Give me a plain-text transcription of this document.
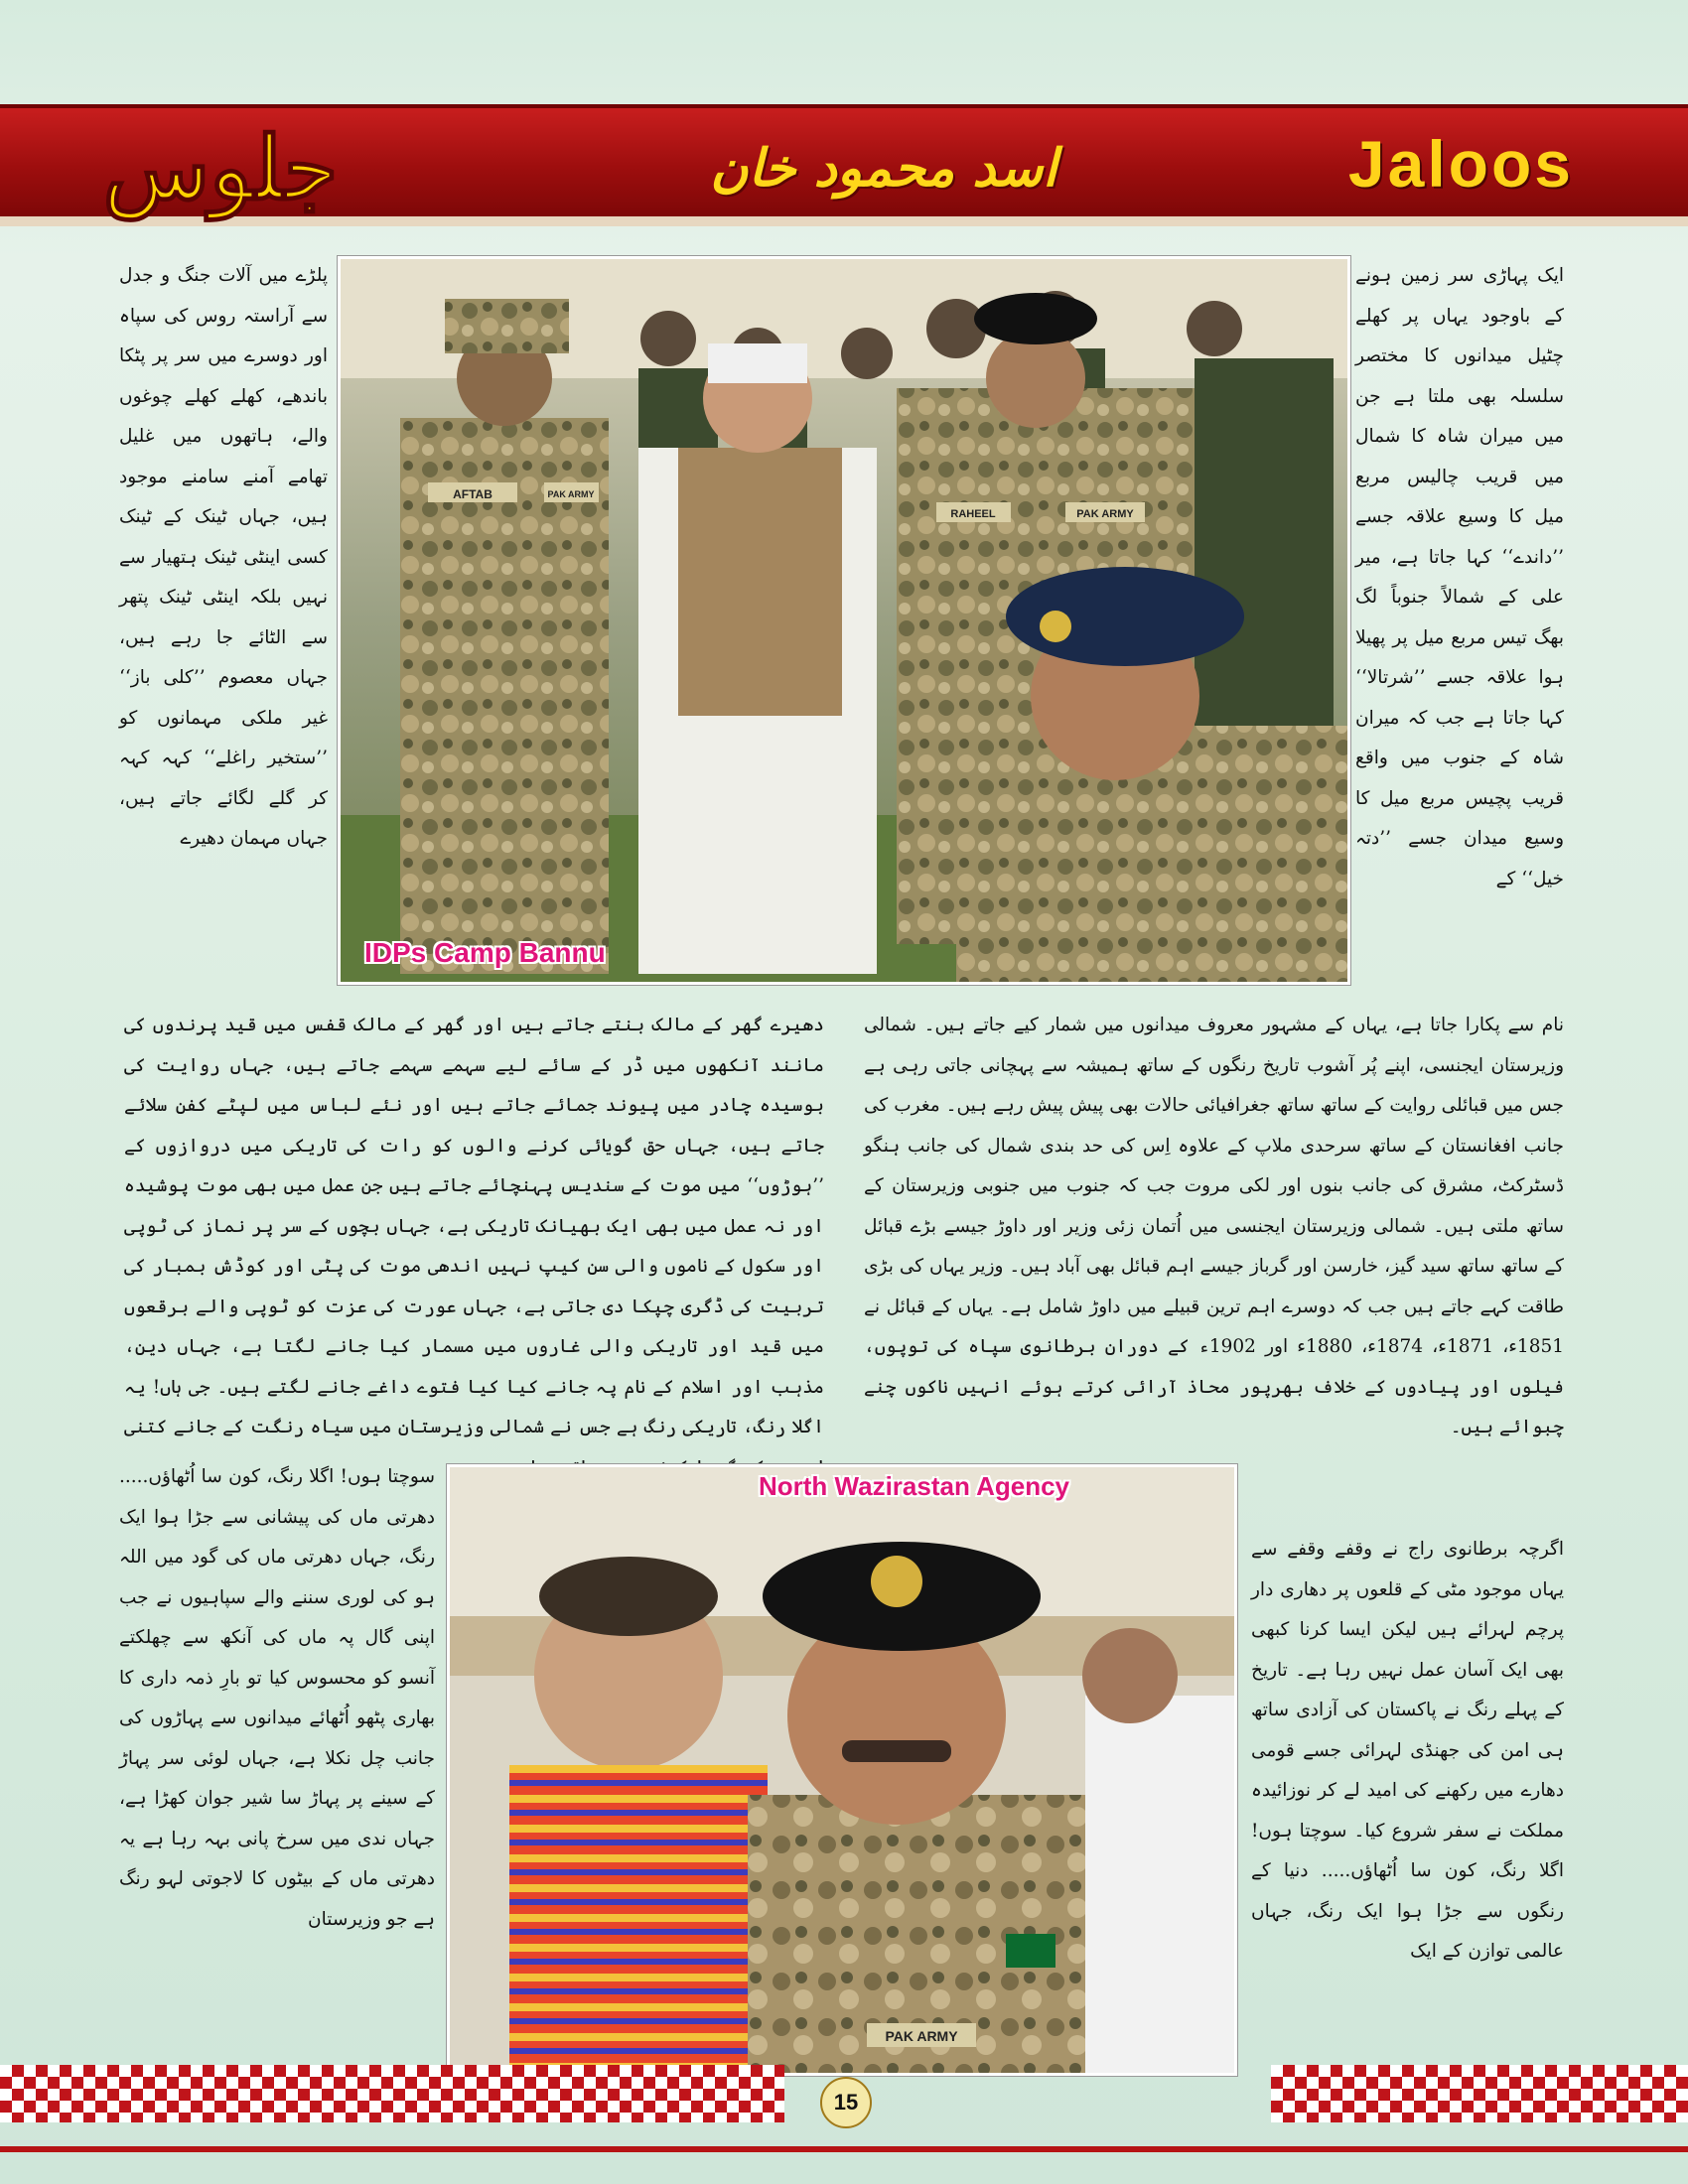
جلوس	اسد محمود خان	Jaloos

ایک پہاڑی سر زمین ہونے کے باوجود یہاں پر کھلے چٹیل میدانوں کا مختصر سلسلہ بھی ملتا ہے جن میں میران شاہ کا شمال میں قریب چالیس مربع میل کا وسیع علاقہ جسے ’’داندے‘‘ کہا جاتا ہے، میر علی کے شمالاً جنوباً لگ بھگ تیس مربع میل پر پھیلا ہوا علاقہ جسے ’’شرتالا‘‘ کہا جاتا ہے جب کہ میران شاہ کے جنوب میں واقع قریب پچیس مربع میل کا وسیع میدان جسے ’’دتہ خیل‘‘ کے

پلڑے میں آلات جنگ و جدل سے آراستہ روس کی سپاہ اور دوسرے میں سر پر پٹکا باندھے، کھلے کھلے چوغوں والے، ہاتھوں میں غلیل تھامے آمنے سامنے موجود ہیں، جہاں ٹینک کے ٹینک کسی اینٹی ٹینک ہتھیار سے نہیں بلکہ اینٹی ٹینک پتھر سے الٹائے جا رہے ہیں، جہاں معصوم ’’کلی باز‘‘ غیر ملکی مہمانوں کو ’’ستخیر راغلے‘‘ کہہ کہہ کر گلے لگائے جاتے ہیں، جہاں مہمان دھیرے

AFTAB	PAK ARMY
RAHEEL	PAK ARMY
IDPs Camp Bannu

نام سے پکارا جاتا ہے، یہاں کے مشہور معروف میدانوں میں شمار کیے جاتے ہیں۔ شمالی وزیرستان ایجنسی، اپنے پُر آشوب تاریخ رنگوں کے ساتھ ہمیشہ سے پہچانی جاتی رہی ہے جس میں قبائلی روایت کے ساتھ ساتھ جغرافیائی حالات بھی پیش پیش رہے ہیں۔ مغرب کی جانب افغانستان کے ساتھ سرحدی ملاپ کے علاوہ اِس کی حد بندی شمال کی جانب ہنگو ڈسٹرکٹ، مشرق کی جانب بنوں اور لکی مروت جب کہ جنوب میں جنوبی وزیرستان کے ساتھ ملتی ہیں۔ شمالی وزیرستان ایجنسی میں اُتمان زئی وزیر اور داوڑ جیسے بڑے قبائل کے ساتھ ساتھ سید گیز، خارسن اور گرباز جیسے اہم قبائل بھی آباد ہیں۔ وزیر یہاں کی بڑی طاقت کہے جاتے ہیں جب کہ دوسرے اہم ترین قبیلے میں داوڑ شامل ہے۔ یہاں کے قبائل نے 1851ء، 1871ء، 1874ء، 1880ء اور 1902ء کے دوران برطانوی سپاہ کی توپوں، فیلوں اور پیادوں کے خلاف بھرپور محاذ آرائی کرتے ہوئے انہیں ناکوں چنے چبوائے ہیں۔

دھیرے گھر کے مالک بنتے جاتے ہیں اور گھر کے مالک قفس میں قید پرندوں کی مانند آنکھوں میں ڈر کے سائے لیے سہمے سہمے جاتے ہیں، جہاں روایت کی بوسیدہ چادر میں پیوند جمائے جاتے ہیں اور نئے لباس میں لپٹے کفن سلائے جاتے ہیں، جہاں حق گویائی کرنے والوں کو رات کی تاریکی میں دروازوں کے ’’ہوڑوں‘‘ میں موت کے سندیس پہنچائے جاتے ہیں جن عمل میں بھی موت پوشیدہ اور نہ عمل میں بھی ایک بھیانک تاریکی ہے، جہاں بچوں کے سر پر نماز کی ٹوپی اور سکول کے ناموں والی سن کیپ نہیں اندھی موت کی پٹی اور کوڈش بمبار کی تربیت کی ڈگری چپکا دی جاتی ہے، جہاں عورت کی عزت کو ٹوپی والے برقعوں میں قید اور تاریکی والی غاروں میں مسمار کیا جانے لگتا ہے، جہاں دین، مذہب اور اسلام کے نام پہ جانے کیا کیا فتوے داغے جانے لگتے ہیں۔ جی ہاں! یہ اگلا رنگ، تاریکی رنگ ہے جس نے شمالی وزیرستان میں سیاہ رنگت کے جانے کتنی

اگرچہ برطانوی راج نے وقفے وقفے سے یہاں موجود مٹی کے قلعوں پر دھاری دار پرچم لہرائے ہیں لیکن ایسا کرنا کبھی بھی ایک آسان عمل نہیں رہا ہے۔ تاریخ کے پہلے رنگ نے پاکستان کی آزادی ساتھ ہی امن کی جھنڈی لہرائی جسے قومی دھارے میں رکھنے کی امید لے کر نوزائیدہ مملکت نے سفر شروع کیا۔ سوچتا ہوں! اگلا رنگ، کون سا اُٹھاؤں..... دنیا کے رنگوں سے جڑا ہوا ایک رنگ، جہاں عالمی توازن کے ایک

سوچتا ہوں! اگلا رنگ، کون سا اُٹھاؤں..... دھرتی ماں کی پیشانی سے جڑا ہوا ایک رنگ، جہاں دھرتی ماں کی گود میں اللہ ہو کی لوری سننے والے سپاہیوں نے جب اپنی گال پہ ماں کی آنکھ سے چھلکتے آنسو کو محسوس کیا تو بارِ ذمہ داری کا بھاری پٹھو اُٹھائے میدانوں سے پہاڑوں کی جانب چل نکلا ہے، جہاں لوئی سر پہاڑ کے سینے پر پہاڑ سا شیر جوان کھڑا ہے، جہاں ندی میں سرخ پانی بہہ رہا ہے یہ دھرتی ماں کے بیٹوں کا لاجوتی لہو رنگ ہے جو وزیرستان

PAK ARMY
North Wazirastan Agency
15
